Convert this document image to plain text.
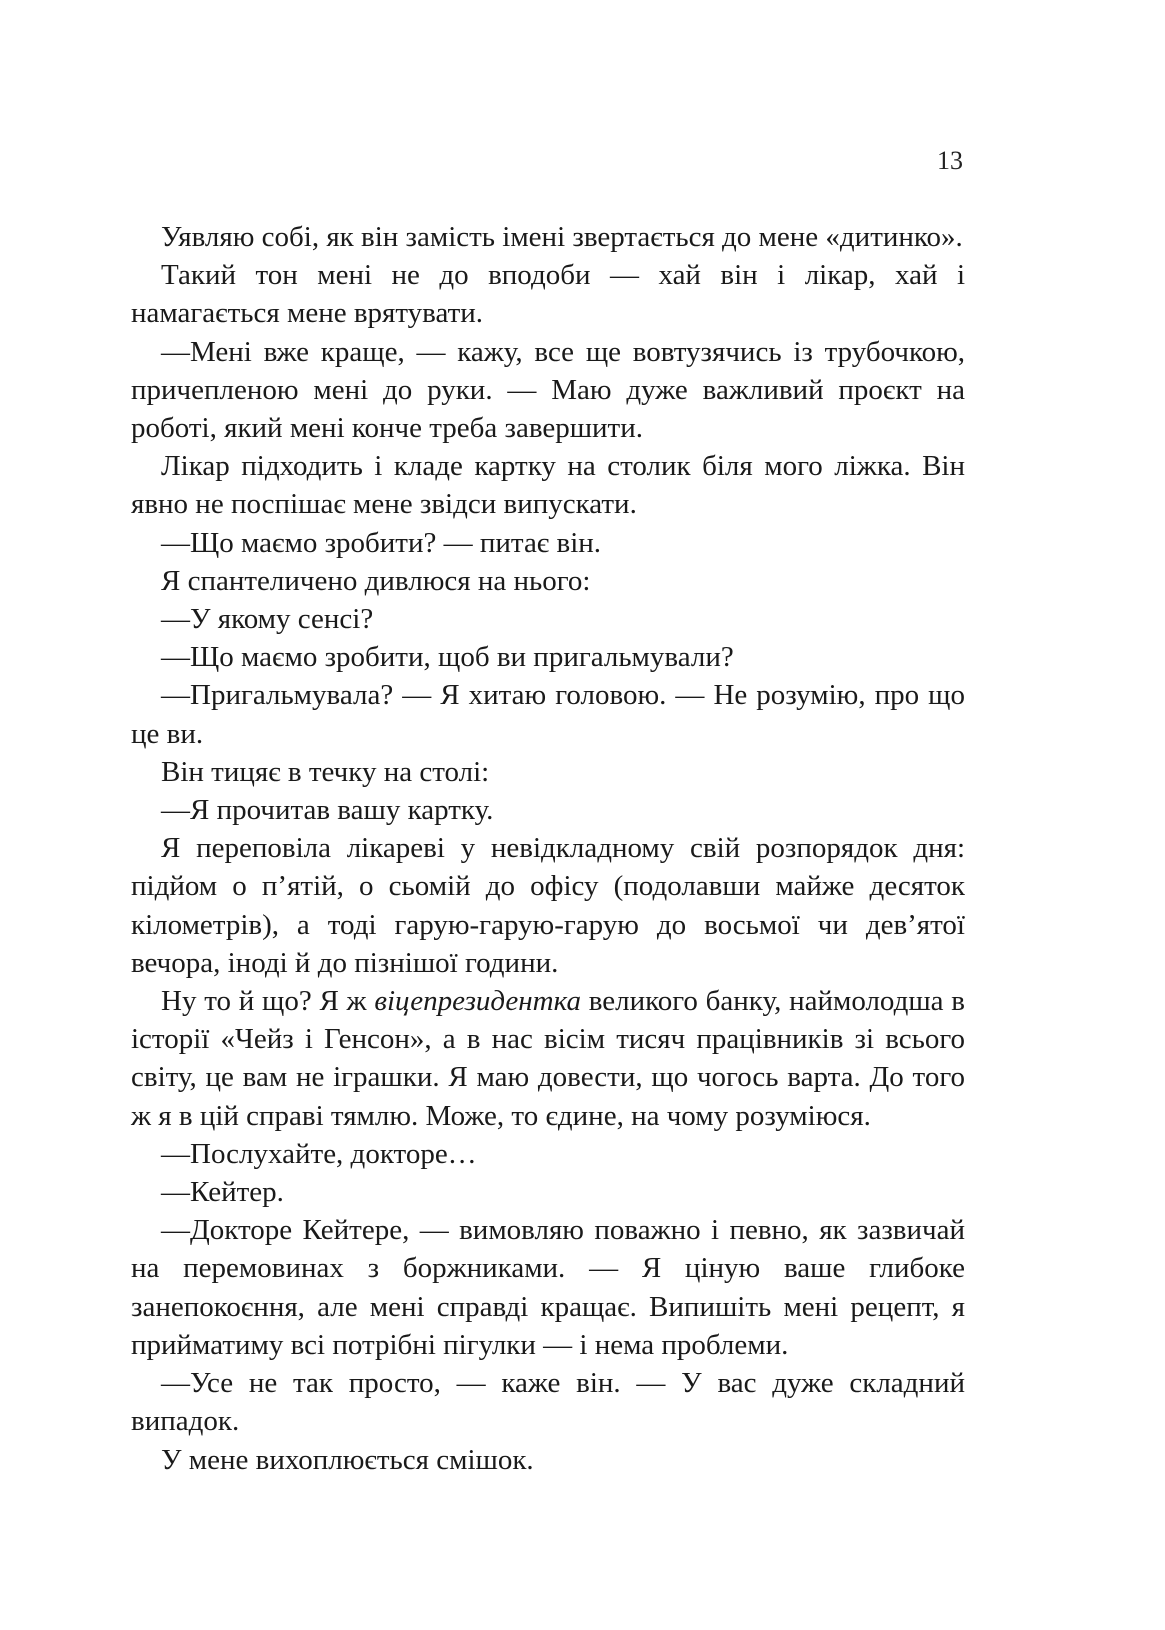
13

Уявляю собі, як він замість імені звертається до мене «дитинко».

Такий тон мені не до вподоби — хай він і лікар, хай і намагається мене врятувати.

—Мені вже краще, — кажу, все ще вовтузячись із трубочкою, причепленою мені до руки. — Маю дуже важливий проєкт на роботі, який мені конче треба завершити.

Лікар підходить і кладе картку на столик біля мого ліжка. Він явно не поспішає мене звідси випускати.

—Що маємо зробити? — питає він.

Я спантеличено дивлюся на нього:

—У якому сенсі?

—Що маємо зробити, щоб ви пригальмували?

—Пригальмувала? — Я хитаю головою. — Не розумію, про що це ви.

Він тицяє в течку на столі:

—Я прочитав вашу картку.

Я переповіла лікареві у невідкладному свій розпорядок дня: підйом о п’ятій, о сьомій до офісу (подолавши майже десяток кілометрів), а тоді гарую-гарую-гарую до восьмої чи дев’ятої вечора, іноді й до пізнішої години.

Ну то й що? Я ж віцепрезидентка великого банку, наймолодша в історії «Чейз і Генсон», а в нас вісім тисяч працівників зі всього світу, це вам не іграшки. Я маю довести, що чогось варта. До того ж я в цій справі тямлю. Може, то єдине, на чому розуміюся.

—Послухайте, докторе…

—Кейтер.

—Докторе Кейтере, — вимовляю поважно і певно, як зазвичай на перемовинах з боржниками. — Я ціную ваше глибоке занепокоєння, але мені справді кращає. Випишіть мені рецепт, я прийматиму всі потрібні пігулки — і нема проблеми.

—Усе не так просто, — каже він. — У вас дуже складний випадок.

У мене вихоплюється смішок.
